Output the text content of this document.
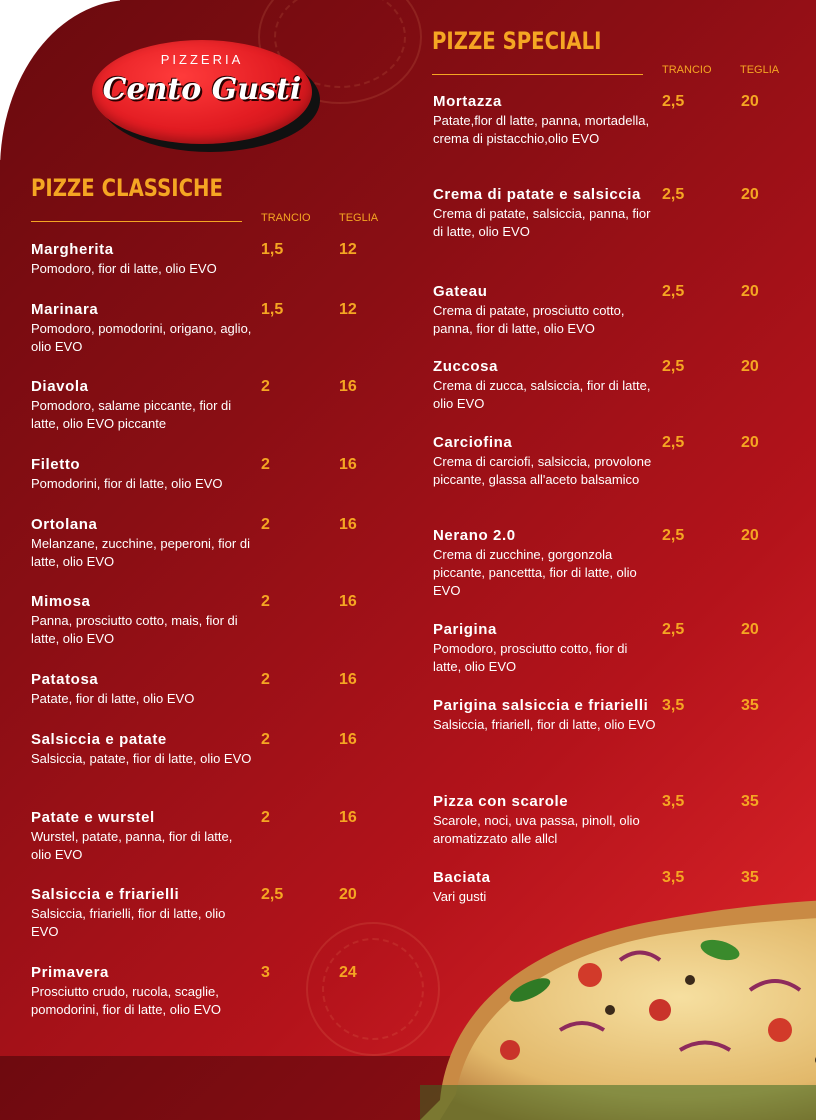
PIZZERIA
Cento Gusti
PIZZE CLASSICHE
TRANCIO	TEGLIA
Margherita
Pomodoro, fior di latte, olio EVO
1,5	12
Marinara
Pomodoro, pomodorini, origano, aglio, olio EVO
1,5	12
Diavola
Pomodoro, salame piccante, fior di latte, olio EVO piccante
2	16
Filetto
Pomodorini, fior di latte, olio EVO
2	16
Ortolana
Melanzane, zucchine, peperoni, fior di latte, olio EVO
2	16
Mimosa
Panna, prosciutto cotto, mais, fior di latte, olio EVO
2	16
Patatosa
Patate, fior di latte, olio EVO
2	16
Salsiccia e patate
Salsiccia, patate, fior di latte, olio EVO
2	16
Patate e wurstel
Wurstel, patate, panna, fior di latte, olio EVO
2	16
Salsiccia e friarielli
Salsiccia, friarielli, fior di latte, olio EVO
2,5	20
Primavera
Prosciutto crudo, rucola, scaglie, pomodorini, fior di latte, olio EVO
3	24
PIZZE SPECIALI
TRANCIO	TEGLIA
Mortazza
Patate,flor dl latte, panna, mortadella, crema di pistacchio,olio EVO
2,5	20
Crema di patate e salsiccia
Crema di patate, salsiccia, panna, fior di latte, olio EVO
2,5	20
Gateau
Crema di patate, prosciutto cotto, panna, fior di latte, olio EVO
2,5	20
Zuccosa
Crema di zucca, salsiccia, fior di latte, olio EVO
2,5	20
Carciofina
Crema di carciofi, salsiccia, provolone piccante, glassa all'aceto balsamico
2,5	20
Nerano 2.0
Crema di zucchine, gorgonzola piccante, pancettta, fior di latte, olio EVO
2,5	20
Parigina
Pomodoro, prosciutto cotto, fior di latte, olio EVO
2,5	20
Parigina salsiccia e friarielli
Salsiccia, friariell, fior di latte, olio EVO
3,5	35
Pizza con scarole
Scarole, noci, uva passa, pinoll, olio aromatizzato alle allcl
3,5	35
Baciata
Vari gusti
3,5	35
